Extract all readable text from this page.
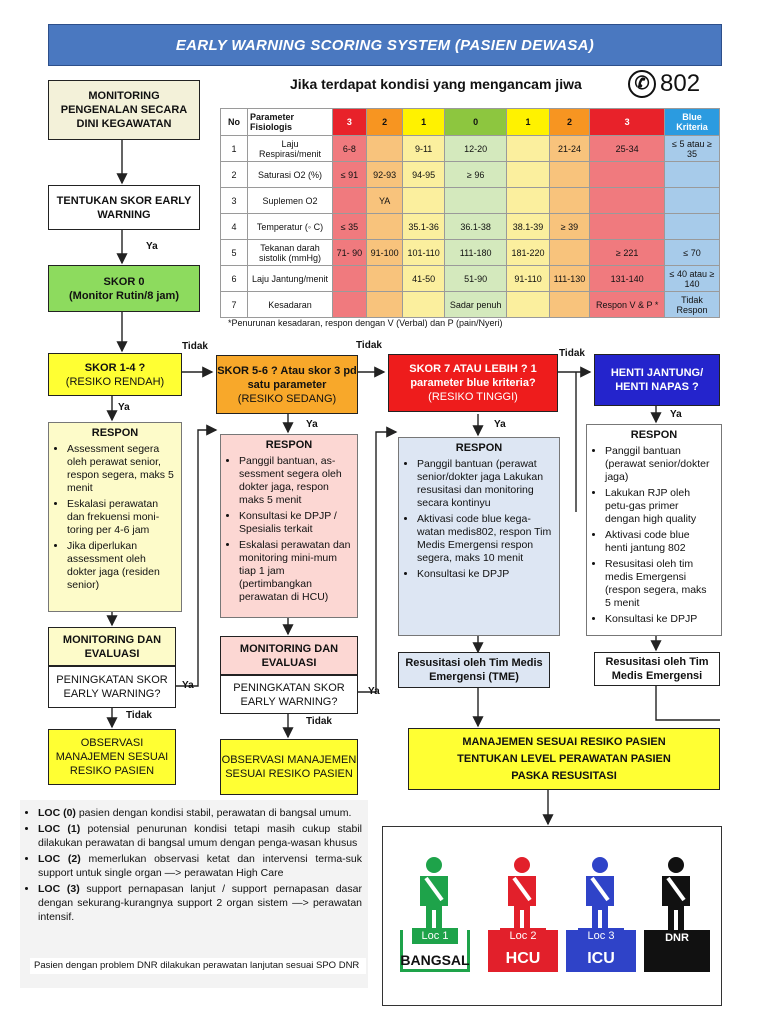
EARLY WARNING SCORING SYSTEM (PASIEN DEWASA)
MONITORING PENGENALAN SECARA DINI KEGAWATAN
TENTUKAN SKOR EARLY WARNING
Ya
SKOR 0
(Monitor Rutin/8 jam)
Tidak	Tidak
Tidak
SKOR 1-4 ?
(RESIKO RENDAH)
SKOR 5-6 ? Atau skor 3 pd satu parameter
(RESIKO SEDANG)
SKOR 7 ATAU LEBIH ? 1 parameter blue kriteria?
(RESIKO TINGGI)
HENTI JANTUNG/ HENTI NAPAS ?
Ya
Ya	Ya
Ya
RESPON
• Assessment segera oleh perawat senior, respon segera, maks 5 menit
• Eskalasi perawatan dan frekuensi moni-toring per 4-6 jam
• Jika diperlukan assessment oleh dokter jaga (residen senior)
RESPON
• Panggil bantuan, as-sessment segera oleh dokter jaga, respon maks 5 menit
• Konsultasi ke DPJP / Spesialis terkait
• Eskalasi perawatan dan monitoring mini-mum tiap 1 jam (pertimbangkan perawatan di HCU)
RESPON
• Panggil bantuan (perawat senior/dokter jaga Lakukan resusitasi dan monitoring secara kontinyu
• Aktivasi code blue kega-watan medis802, respon Tim Medis Emergensi respon segera, maks 10 menit
• Konsultasi ke DPJP
RESPON
• Panggil bantuan (perawat senior/dokter jaga)
• Lakukan RJP oleh petu-gas primer dengan high quality
• Aktivasi code blue henti jantung 802
• Resusitasi oleh tim medis Emergensi (respon segera, maks 5 menit
• Konsultasi ke DPJP
MONITORING DAN EVALUASI
PENINGKATAN SKOR EARLY WARNING?
MONITORING DAN EVALUASI
PENINGKATAN SKOR EARLY WARNING?
Ya
Ya
Tidak
Tidak
OBSERVASI MANAJEMEN SESUAI RESIKO PASIEN
OBSERVASI MANAJEMEN SESUAI RESIKO PASIEN
Resusitasi oleh Tim Medis Emergensi (TME)
Resusitasi oleh Tim Medis Emergensi
MANAJEMEN SESUAI RESIKO PASIEN TENTUKAN LEVEL PERAWATAN PASIEN PASKA RESUSITASI
Jika terdapat kondisi yang mengancam jiwa	✆ 802
No	Parameter Fisiologis	3	2	1	0	1	2	3	Blue Kriteria
1	Laju Respirasi/menit	6-8		9-11	12-20		21-24	25-34	≤ 5 atau ≥ 35
2	Saturasi O2 (%)	≤ 91	92-93	94-95	≥ 96				
3	Suplemen O2		YA						
4	Temperatur (◦ C)	≤ 35		35.1-36	36.1-38	38.1-39	≥ 39		
5	Tekanan darah sistolik (mmHg)	71- 90	91-100	101-110	111-180	181-220		≥ 221	≤ 70
6	Laju Jantung/menit			41-50	51-90	91-110	111-130	131-140	≤ 40 atau ≥ 140
7	Kesadaran				Sadar penuh			Respon V & P *	Tidak Respon
*Penurunan kesadaran, respon dengan V (Verbal) dan P (pain/Nyeri)
• LOC (0) pasien dengan kondisi stabil, perawatan di bangsal umum.
• LOC (1) potensial penurunan kondisi tetapi masih cukup stabil dilakukan perawatan di bangsal umum dengan penga-wasan khusus
• LOC (2) memerlukan observasi ketat dan intervensi terma-suk support untuk single organ —> perawatan High Care
• LOC (3) support pernapasan lanjut / support pernapasan dasar dengan sekurang-kurangnya support 2 organ sistem —> perawatan intensif.
Pasien dengan problem DNR dilakukan perawatan lanjutan sesuai SPO DNR
Loc 1
BANGSAL
Loc 2
HCU
Loc 3
ICU
DNR
